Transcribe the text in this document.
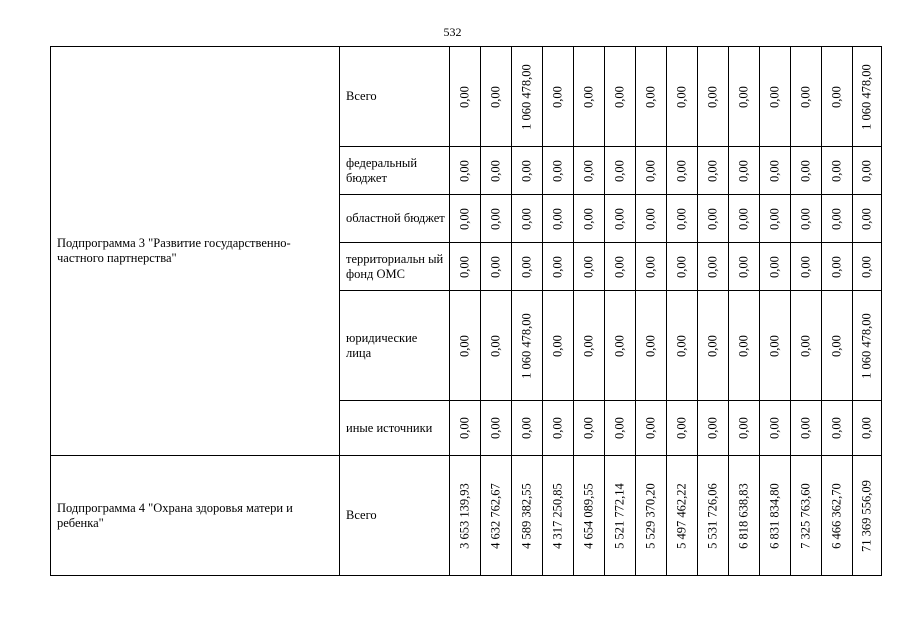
532
Подпрограмма 3 "Развитие государственно-частного партнерства"	Всего	0,00	0,00	1 060 478,00	0,00	0,00	0,00	0,00	0,00	0,00	0,00	0,00	0,00	0,00	1 060 478,00

	федеральный бюджет	0,00	0,00	0,00	0,00	0,00	0,00	0,00	0,00	0,00	0,00	0,00	0,00	0,00	0,00

	областной бюджет	0,00	0,00	0,00	0,00	0,00	0,00	0,00	0,00	0,00	0,00	0,00	0,00	0,00	0,00

	территориальн ый фонд ОМС	0,00	0,00	0,00	0,00	0,00	0,00	0,00	0,00	0,00	0,00	0,00	0,00	0,00	0,00

	юридические лица	0,00	0,00	1 060 478,00	0,00	0,00	0,00	0,00	0,00	0,00	0,00	0,00	0,00	0,00	1 060 478,00

	иные источники	0,00	0,00	0,00	0,00	0,00	0,00	0,00	0,00	0,00	0,00	0,00	0,00	0,00	0,00

Подпрограмма 4 "Охрана здоровья матери и ребенка"	Всего	3 653 139,93	4 632 762,67	4 589 382,55	4 317 250,85	4 654 089,55	5 521 772,14	5 529 370,20	5 497 462,22	5 531 726,06	6 818 638,83	6 831 834,80	7 325 763,60	6 466 362,70	71 369 556,09
